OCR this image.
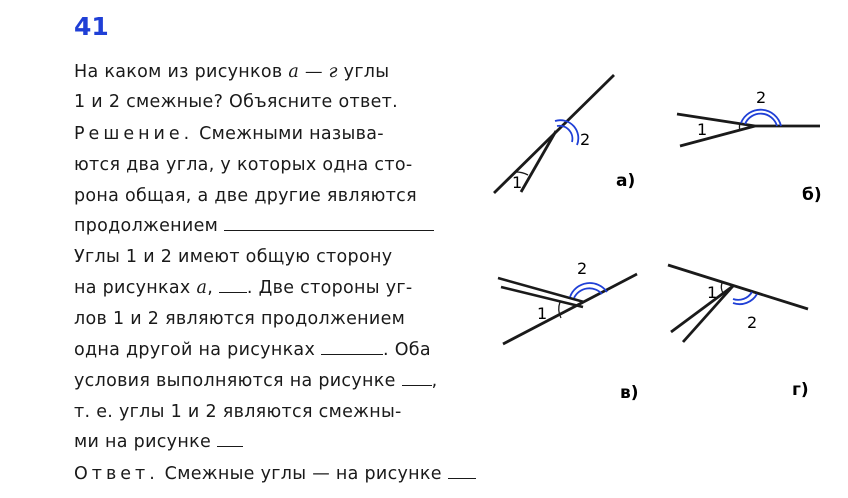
41
На каком из рисунков а — г углы
1 и 2 смежные? Объясните ответ.
Решение. Смежными называ-
ются два угла, у которых одна сто-
рона общая, а две другие являются
продолжением
Углы 1 и 2 имеют общую сторону
на рисунках а, . Две стороны уг-
лов 1 и 2 являются продолжением
одна другой на рисунках	. Оба
условия выполняются на рисунке ,
т. е. углы 1 и 2 являются смежны-
ми на рисунке
Ответ. Смежные углы — на рисунке
1
2
а)
1
2
б)
1
2
в)
1
2
г)
